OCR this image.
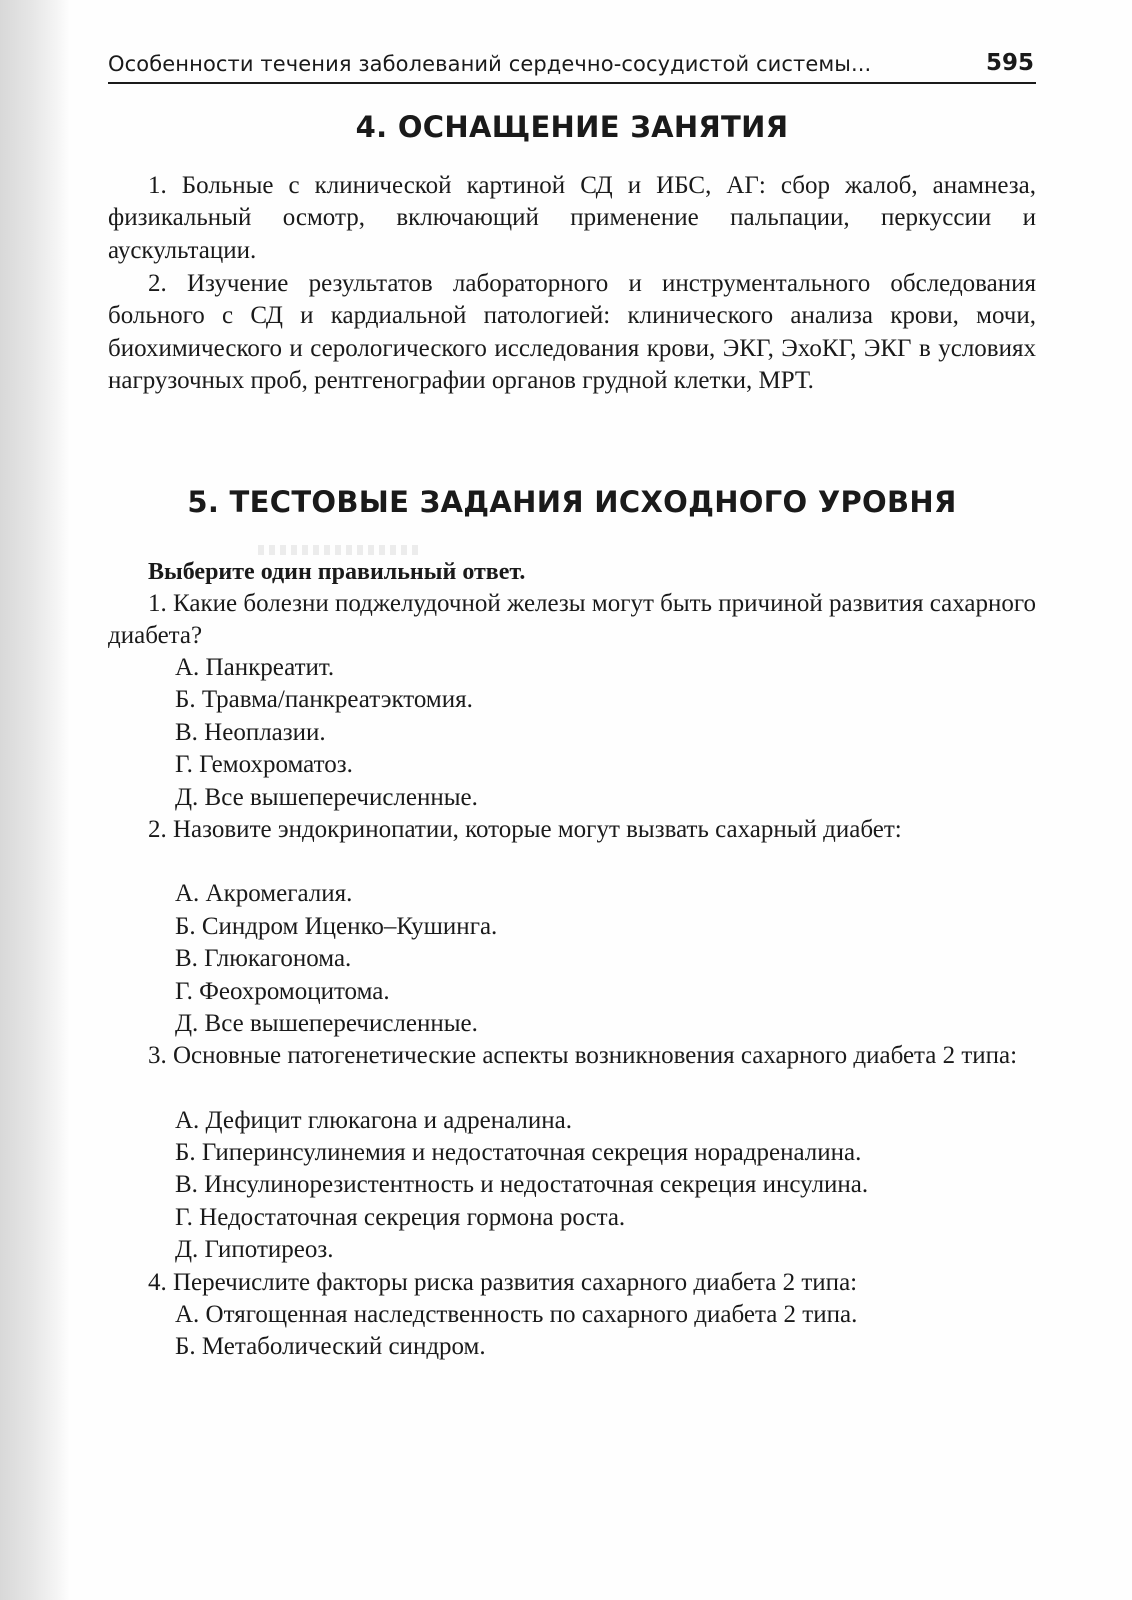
Особенности течения заболеваний сердечно-сосудистой системы...	595
4. ОСНАЩЕНИЕ ЗАНЯТИЯ

1. Больные с клинической картиной СД и ИБС, АГ: сбор жалоб, анамнеза, физикальный осмотр, включающий применение пальпации, перкуссии и аускультации.

2. Изучение результатов лабораторного и инструментального обследования больного с СД и кардиальной патологией: клинического анализа крови, мочи, биохимического и серологического исследования крови, ЭКГ, ЭхоКГ, ЭКГ в условиях нагрузочных проб, рентгенографии органов грудной клетки, МРТ.

5. ТЕСТОВЫЕ ЗАДАНИЯ ИСХОДНОГО УРОВНЯ
Выберите один правильный ответ.

1. Какие болезни поджелудочной железы могут быть причиной развития сахарного диабета?

А. Панкреатит.
Б. Травма/панкреатэктомия.
В. Неоплазии.
Г. Гемохроматоз.
Д. Все вышеперечисленные.

2. Назовите эндокринопатии, которые могут вызвать сахарный диабет:

А. Акромегалия.
Б. Синдром Иценко–Кушинга.
В. Глюкагонома.
Г. Феохромоцитома.
Д. Все вышеперечисленные.

3. Основные патогенетические аспекты возникновения сахарного диабета 2 типа:

А. Дефицит глюкагона и адреналина.
Б. Гиперинсулинемия и недостаточная секреция норадреналина.
В. Инсулинорезистентность и недостаточная секреция инсулина.
Г. Недостаточная секреция гормона роста.
Д. Гипотиреоз.
4. Перечислите факторы риска развития сахарного диабета 2 типа:
А. Отягощенная наследственность по сахарного диабета 2 типа.
Б. Метаболический синдром.
